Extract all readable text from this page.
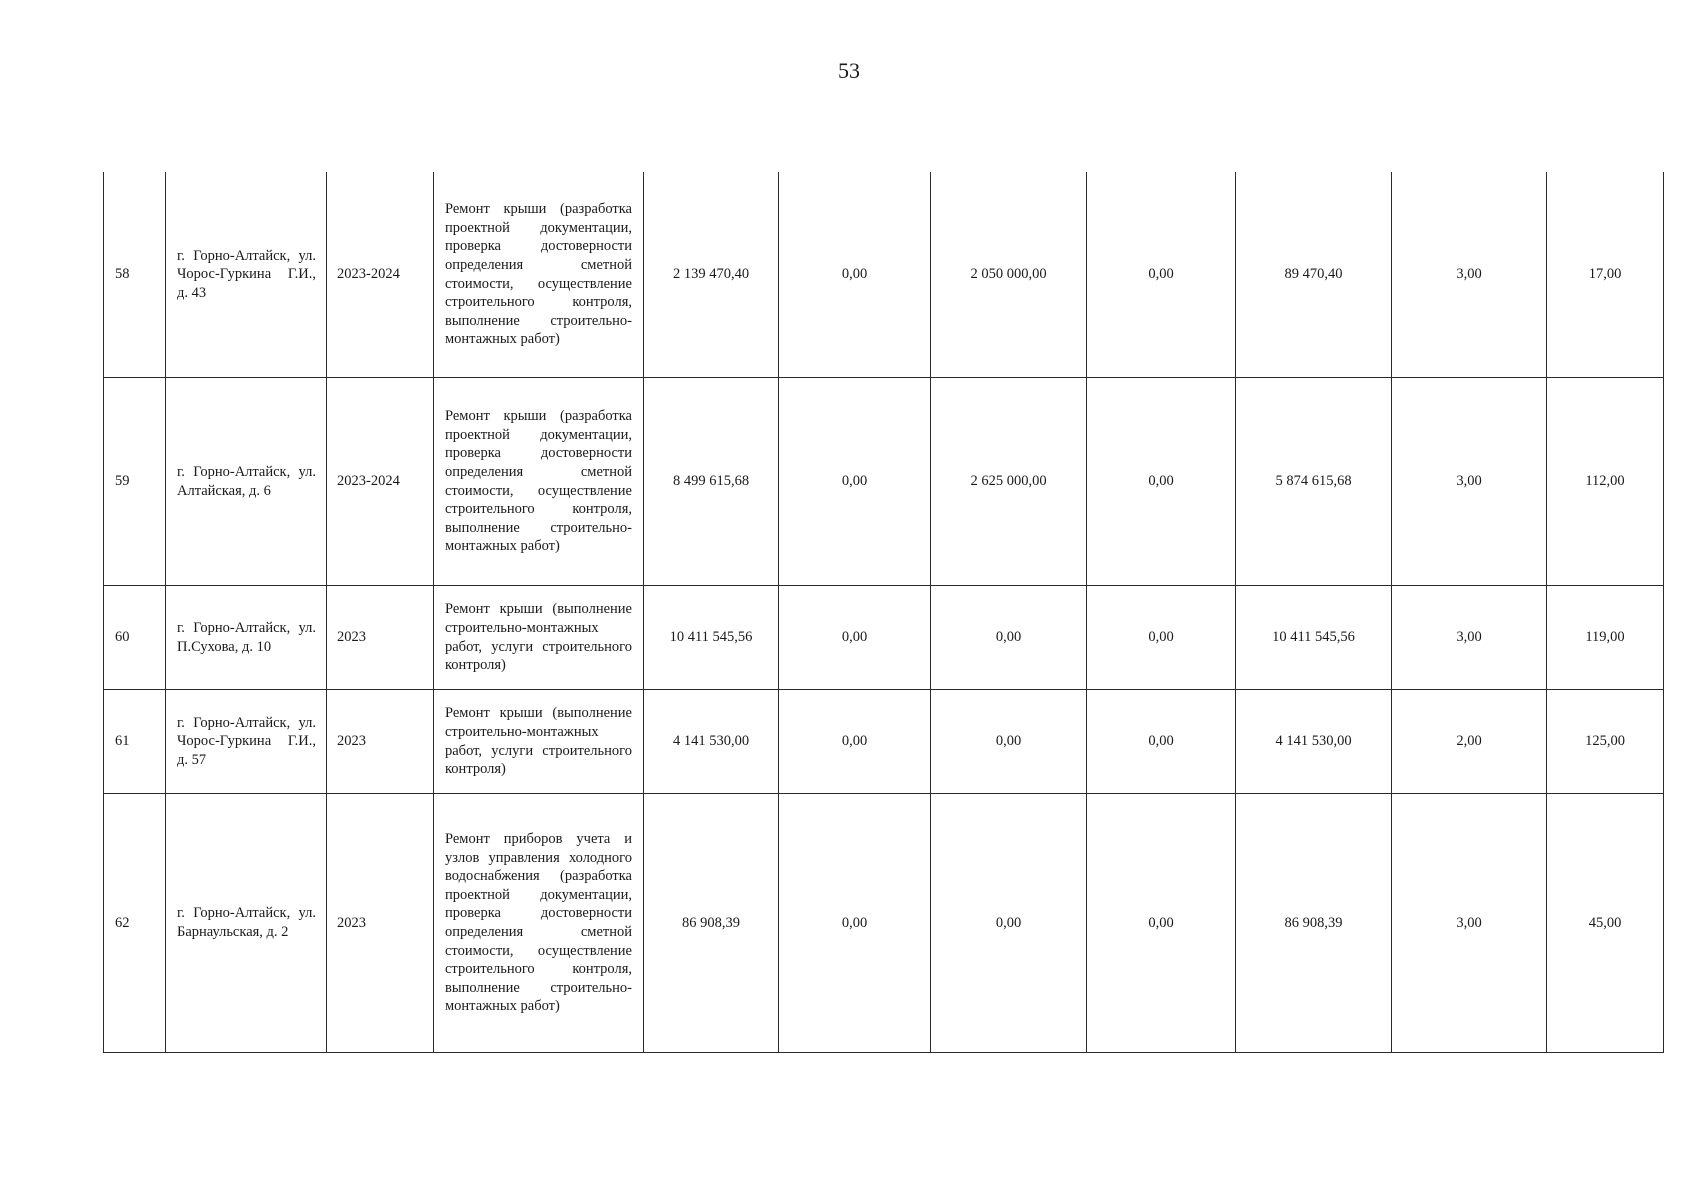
53
58	г. Горно-Алтайск, ул. Чорос-Гуркина Г.И., д. 43	2023-2024	Ремонт крыши (разработка проектной документации, проверка достоверности определения сметной стоимости, осуществление строительного контроля, выполнение строительно-монтажных работ)	2 139 470,40	0,00	2 050 000,00	0,00	89 470,40	3,00	17,00
59	г. Горно-Алтайск, ул. Алтайская, д. 6	2023-2024	Ремонт крыши (разработка проектной документации, проверка достоверности определения сметной стоимости, осуществление строительного контроля, выполнение строительно-монтажных работ)	8 499 615,68	0,00	2 625 000,00	0,00	5 874 615,68	3,00	112,00
60	г. Горно-Алтайск, ул. П.Сухова, д. 10	2023	Ремонт крыши (выполнение строительно-монтажных работ, услуги строительного контроля)	10 411 545,56	0,00	0,00	0,00	10 411 545,56	3,00	119,00
61	г. Горно-Алтайск, ул. Чорос-Гуркина Г.И., д. 57	2023	Ремонт крыши (выполнение строительно-монтажных работ, услуги строительного контроля)	4 141 530,00	0,00	0,00	0,00	4 141 530,00	2,00	125,00
62	г. Горно-Алтайск, ул. Барнаульская, д. 2	2023	Ремонт приборов учета и узлов управления холодного водоснабжения (разработка проектной документации, проверка достоверности определения сметной стоимости, осуществление строительного контроля, выполнение строительно-монтажных работ)	86 908,39	0,00	0,00	0,00	86 908,39	3,00	45,00
